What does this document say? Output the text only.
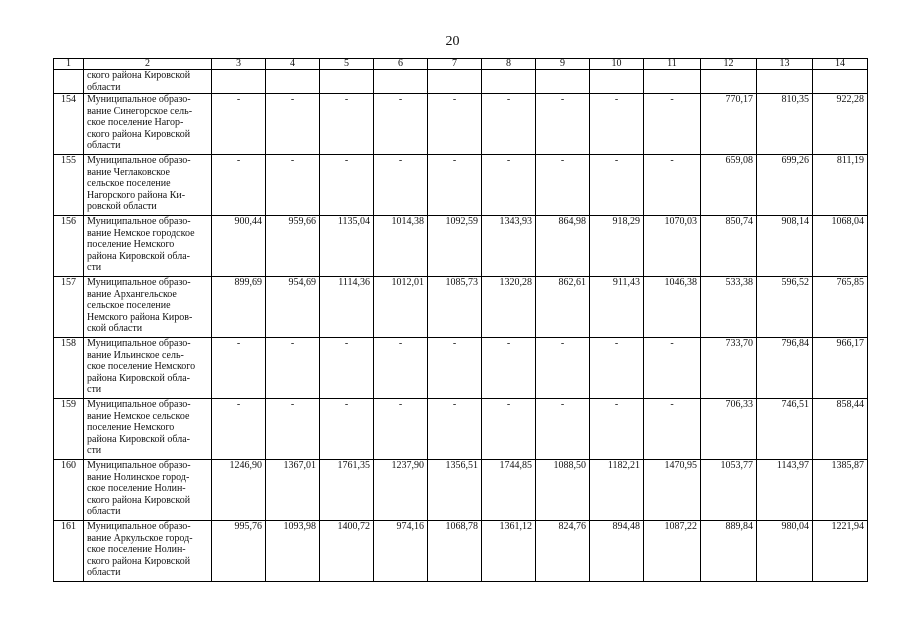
20
1	2	3	4	5	6	7	8	9	10	11	12	13	14

	ского района Кировской
области												

154	Муниципальное образо-
вание Синегорское сель-
ское поселение Нагор-
ского района Кировской
области	-	-	-	-	-	-	-	-	-	770,17	810,35	922,28
155	Муниципальное образо-
вание Чеглаковское
сельское поселение
Нагорского района Ки-
ровской области	-	-	-	-	-	-	-	-	-	659,08	699,26	811,19
156	Муниципальное образо-
вание Немское городское
поселение Немского
района Кировской обла-
сти	900,44	959,66	1135,04	1014,38	1092,59	1343,93	864,98	918,29	1070,03	850,74	908,14	1068,04
157	Муниципальное образо-
вание Архангельское
сельское поселение
Немского района Киров-
ской области	899,69	954,69	1114,36	1012,01	1085,73	1320,28	862,61	911,43	1046,38	533,38	596,52	765,85
158	Муниципальное образо-
вание Ильинское сель-
ское поселение Немского
района Кировской обла-
сти	-	-	-	-	-	-	-	-	-	733,70	796,84	966,17
159	Муниципальное образо-
вание Немское сельское
поселение Немского
района Кировской обла-
сти	-	-	-	-	-	-	-	-	-	706,33	746,51	858,44
160	Муниципальное образо-
вание Нолинское город-
ское поселение Нолин-
ского района Кировской
области	1246,90	1367,01	1761,35	1237,90	1356,51	1744,85	1088,50	1182,21	1470,95	1053,77	1143,97	1385,87
161	Муниципальное образо-
вание Аркульское город-
ское поселение Нолин-
ского района Кировской
области	995,76	1093,98	1400,72	974,16	1068,78	1361,12	824,76	894,48	1087,22	889,84	980,04	1221,94
